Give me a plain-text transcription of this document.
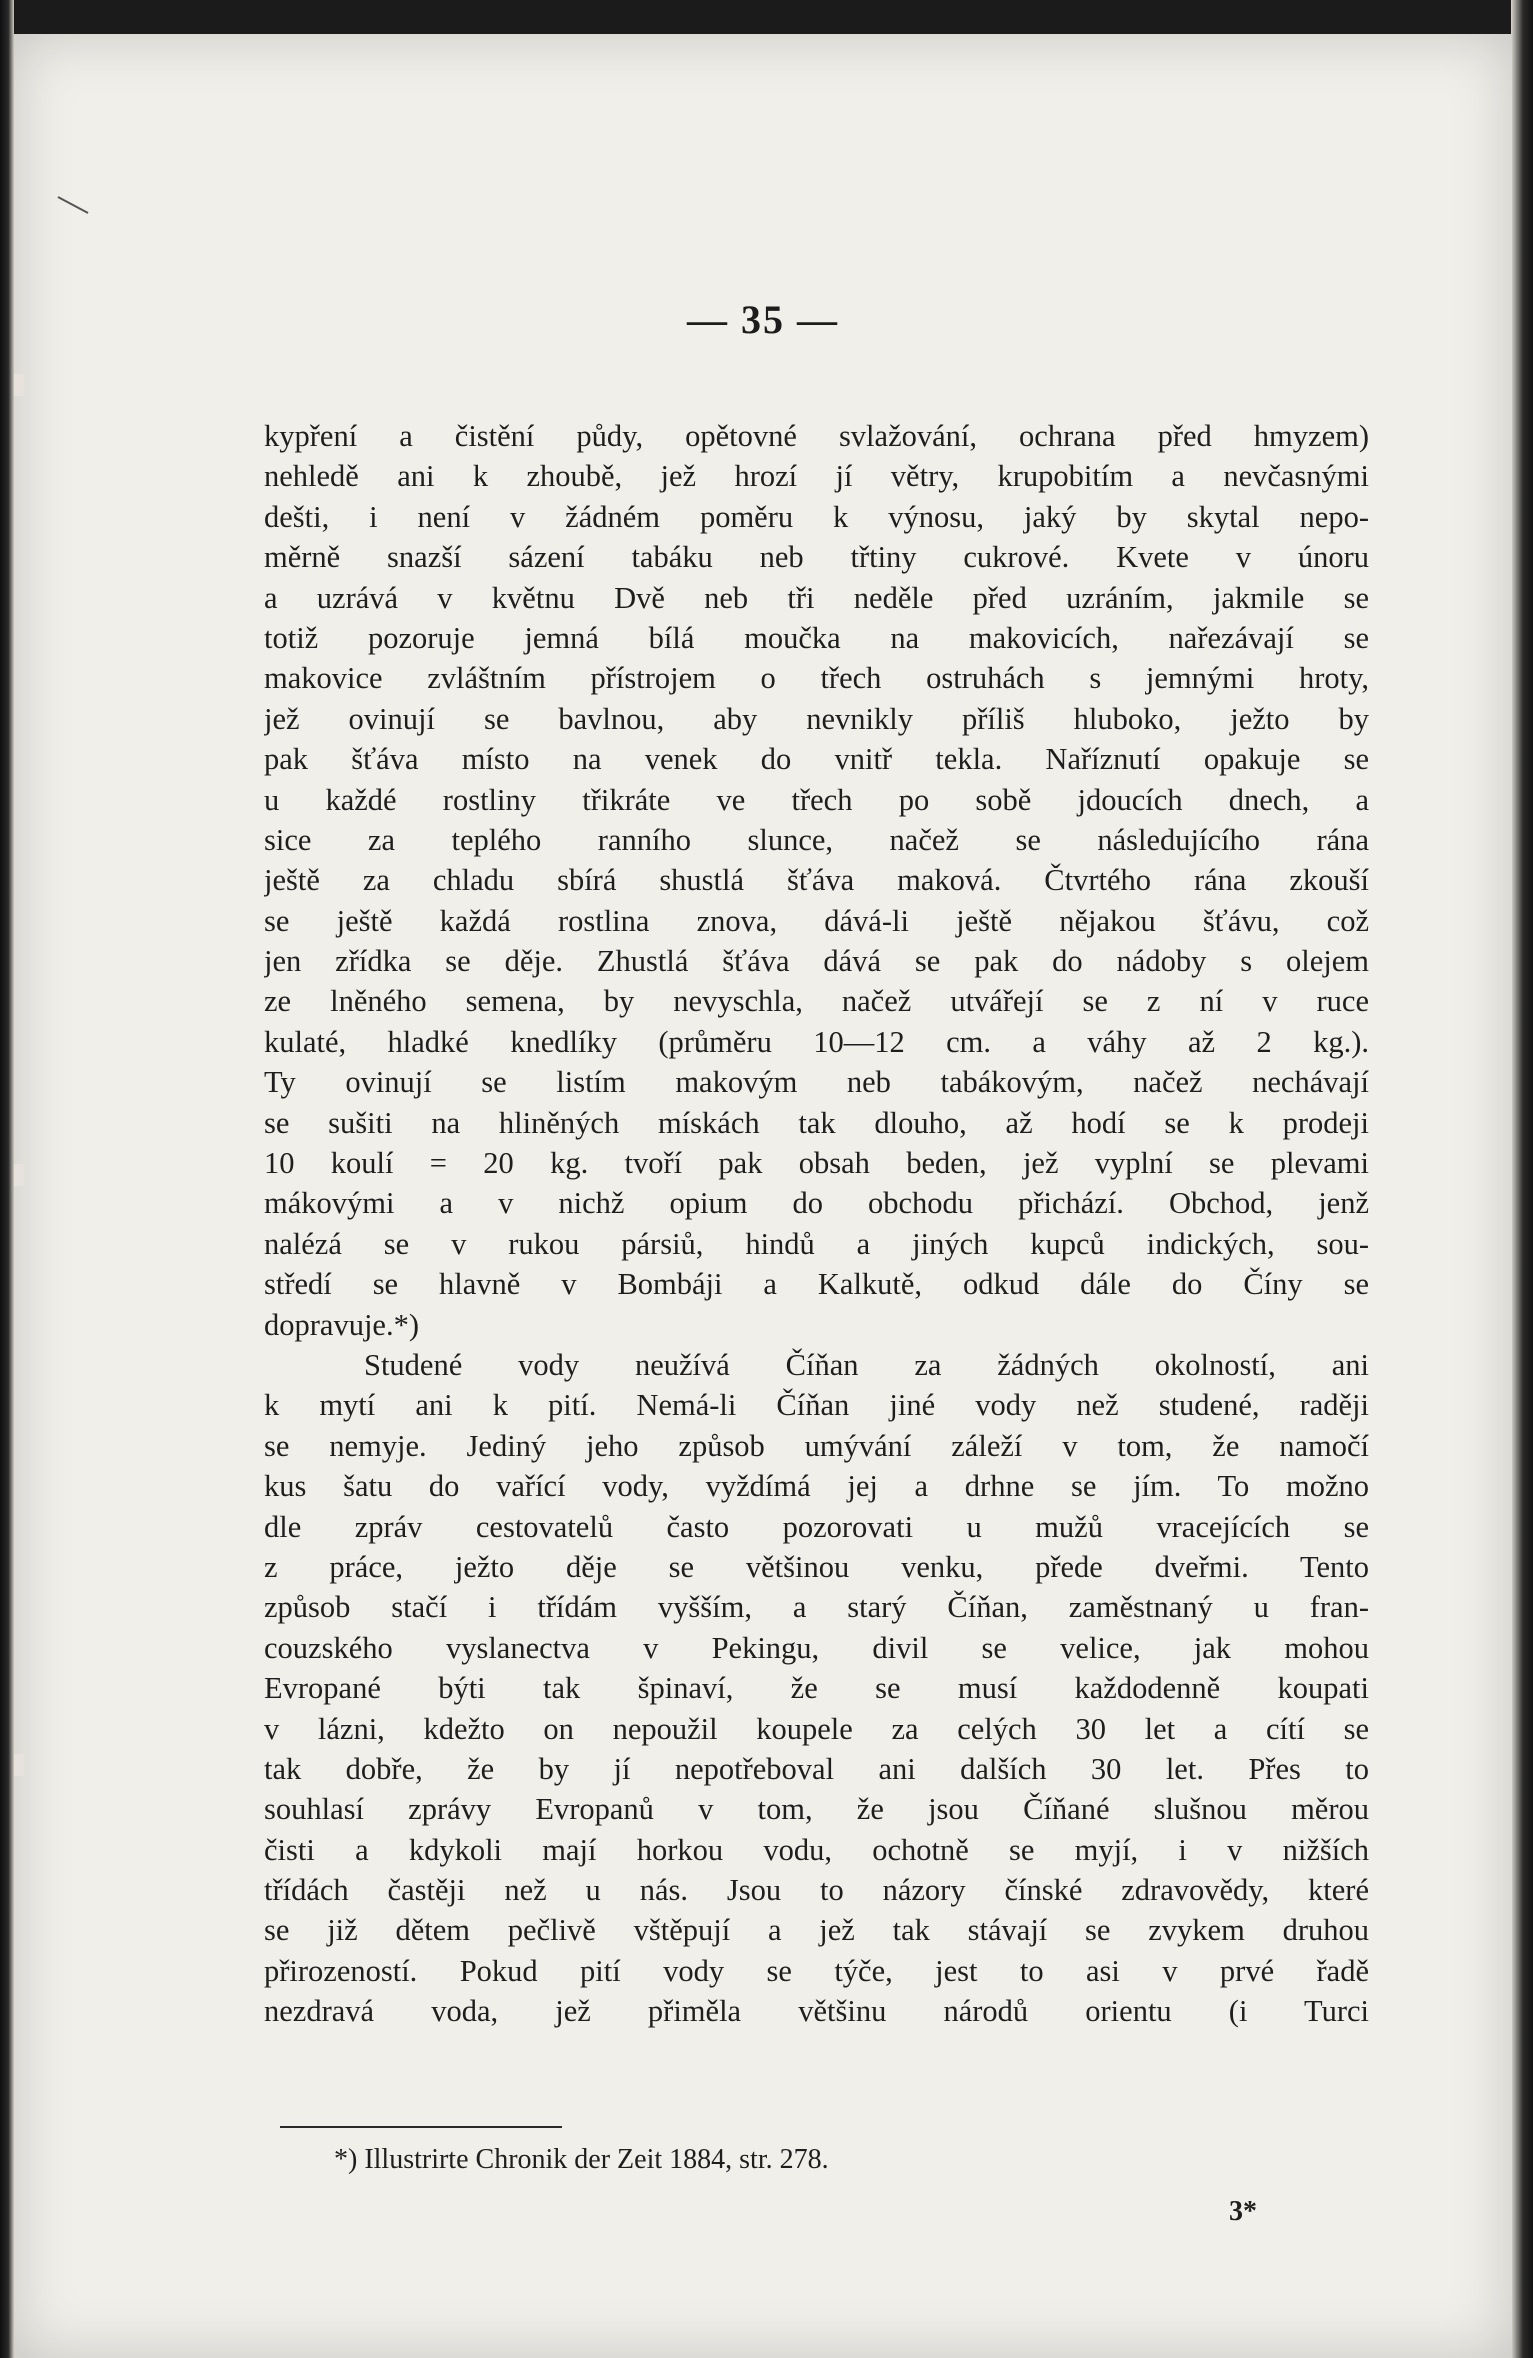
— 35 —
kypření a čistění půdy, opětovné svlažování, ochrana před hmyzem)
nehledě ani k zhoubě, jež hrozí jí větry, krupobitím a nevčasnými
dešti, i není v žádném poměru k výnosu, jaký by skytal nepo-
měrně snazší sázení tabáku neb třtiny cukrové. Kvete v únoru
a uzrává v květnu Dvě neb tři neděle před uzráním, jakmile se
totiž pozoruje jemná bílá moučka na makovicích, nařezávají se
makovice zvláštním přístrojem o třech ostruhách s jemnými hroty,
jež ovinují se bavlnou, aby nevnikly příliš hluboko, ježto by
pak šťáva místo na venek do vnitř tekla. Naříznutí opakuje se
u každé rostliny třikráte ve třech po sobě jdoucích dnech, a
sice za teplého ranního slunce, načež se následujícího rána
ještě za chladu sbírá shustlá šťáva maková. Čtvrtého rána zkouší
se ještě každá rostlina znova, dává-li ještě nějakou šťávu, což
jen zřídka se děje. Zhustlá šťáva dává se pak do nádoby s olejem
ze lněného semena, by nevyschla, načež utvářejí se z ní v ruce
kulaté, hladké knedlíky (průměru 10—12 cm. a váhy až 2 kg.).
Ty ovinují se listím makovým neb tabákovým, načež nechávají
se sušiti na hliněných mískách tak dlouho, až hodí se k prodeji
10 koulí = 20 kg. tvoří pak obsah beden, jež vyplní se plevami
mákovými a v nichž opium do obchodu přichází. Obchod, jenž
nalézá se v rukou pársiů, hindů a jiných kupců indických, sou-
středí se hlavně v Bombáji a Kalkutě, odkud dále do Číny se
dopravuje.*)
Studené vody neužívá Číňan za žádných okolností, ani
k mytí ani k pití. Nemá-li Číňan jiné vody než studené, raději
se nemyje. Jediný jeho způsob umývání záleží v tom, že namočí
kus šatu do vařící vody, vyždímá jej a drhne se jím. To možno
dle zpráv cestovatelů často pozorovati u mužů vracejících se
z práce, ježto děje se většinou venku, přede dveřmi. Tento
způsob stačí i třídám vyšším, a starý Číňan, zaměstnaný u fran-
couzského vyslanectva v Pekingu, divil se velice, jak mohou
Evropané býti tak špinaví, že se musí každodenně koupati
v lázni, kdežto on nepoužil koupele za celých 30 let a cítí se
tak dobře, že by jí nepotřeboval ani dalších 30 let. Přes to
souhlasí zprávy Evropanů v tom, že jsou Číňané slušnou měrou
čisti a kdykoli mají horkou vodu, ochotně se myjí, i v nižších
třídách častěji než u nás. Jsou to názory čínské zdravovědy, které
se již dětem pečlivě vštěpují a jež tak stávají se zvykem druhou
přirozeností. Pokud pití vody se týče, jest to asi v prvé řadě
nezdravá voda, jež přiměla většinu národů orientu (i Turci
*) Illustrirte Chronik der Zeit 1884, str. 278.
3*
